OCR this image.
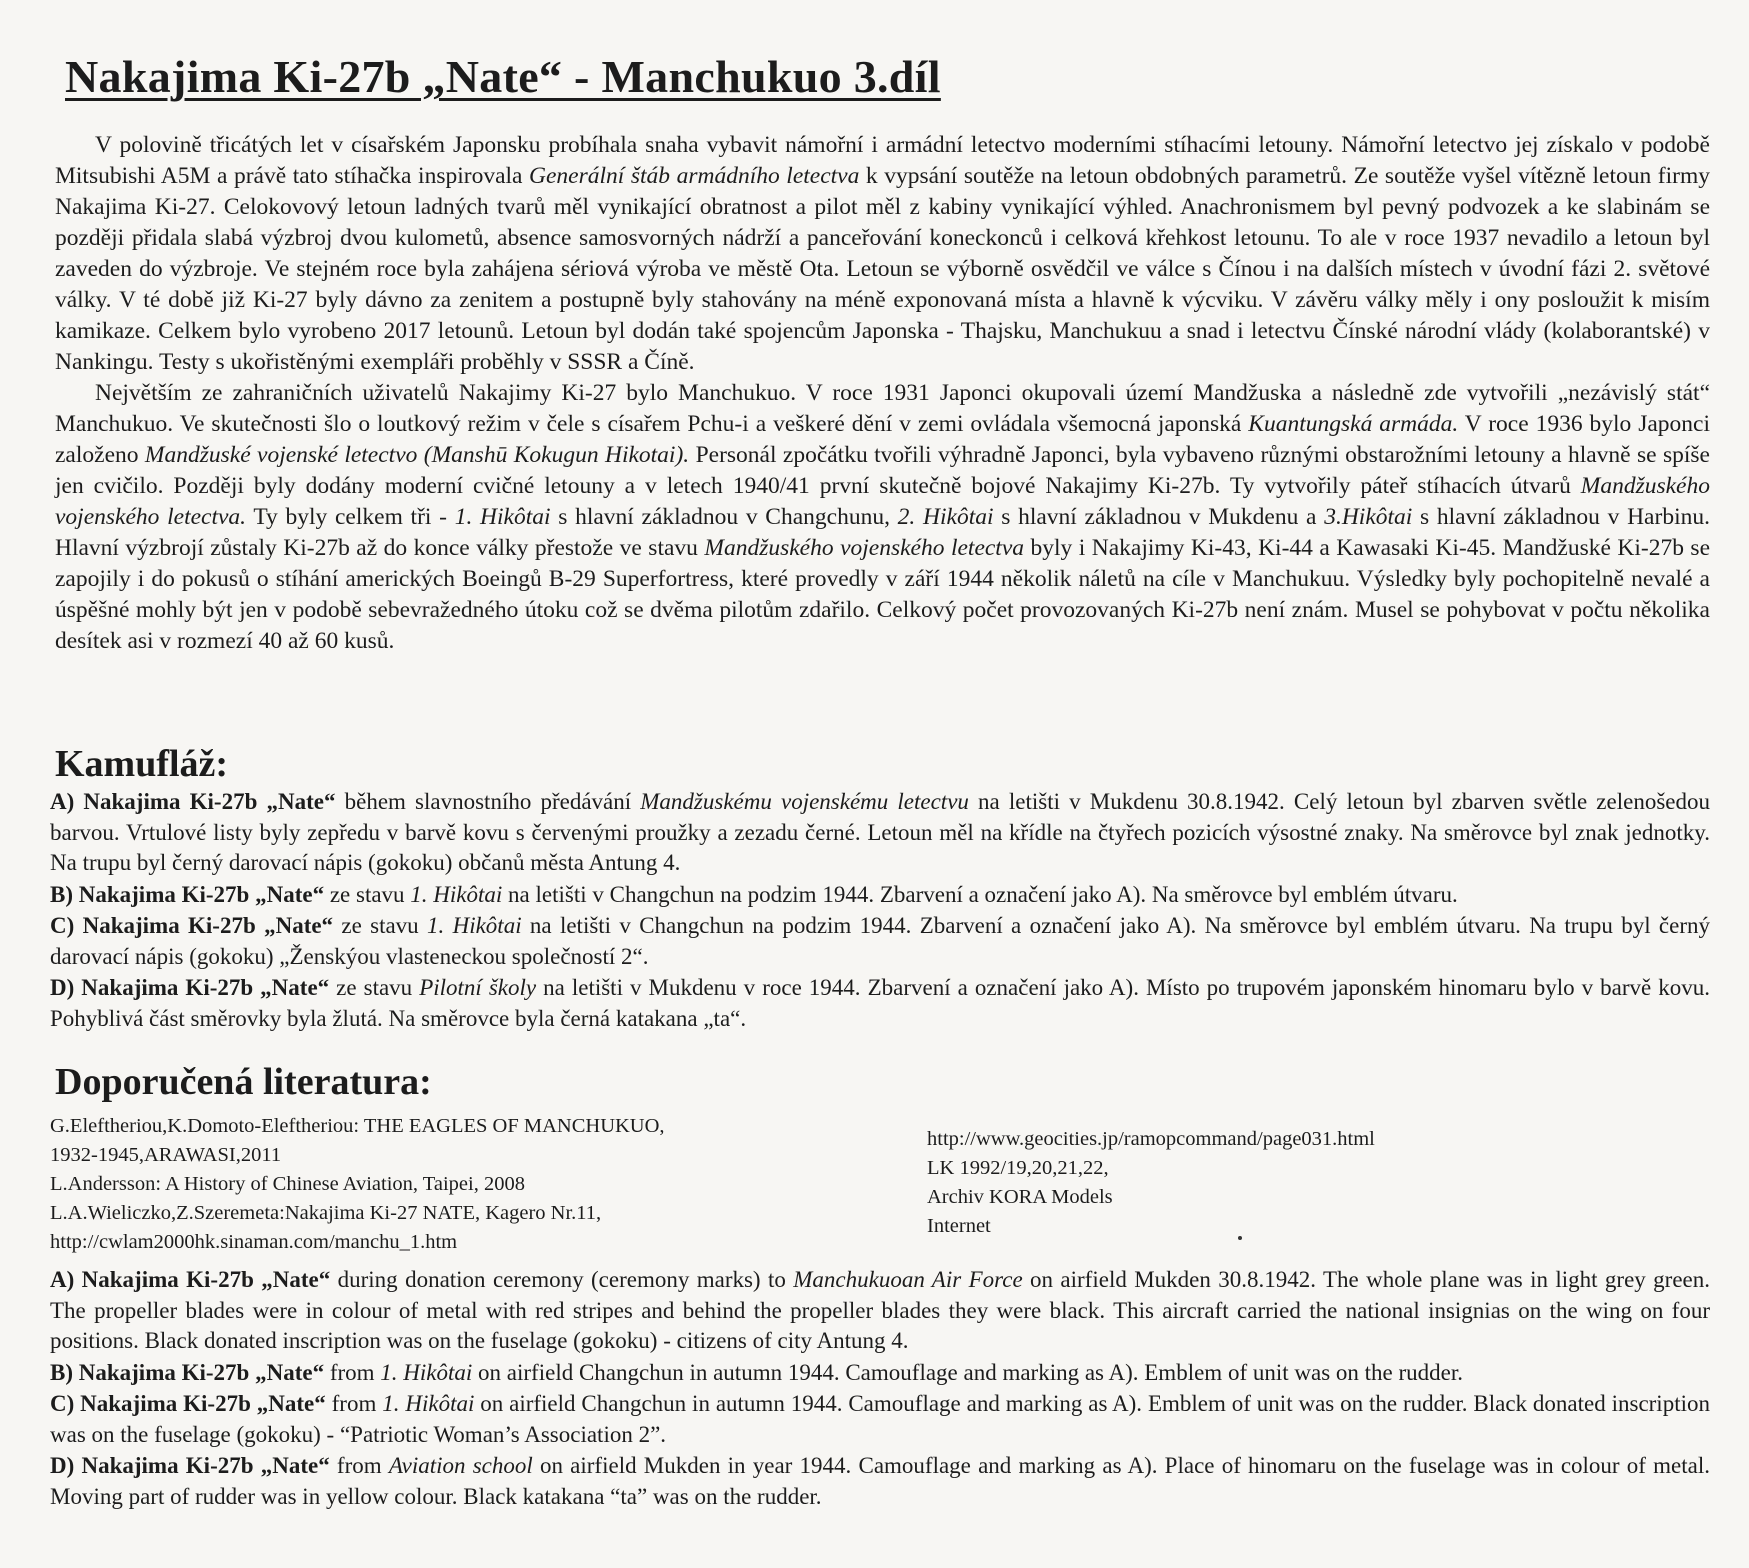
Nakajima Ki-27b „Nate“ - Manchukuo 3.díl

V polovině třicátých let v císařském Japonsku probíhala snaha vybavit námořní i armádní letectvo moderními stíhacími letouny. Námořní letectvo jej získalo v podobě Mitsubishi A5M a právě tato stíhačka inspirovala Generální štáb armádního letectva k vypsání soutěže na letoun obdobných parametrů. Ze soutěže vyšel vítězně letoun firmy Nakajima Ki-27. Celokovový letoun ladných tvarů měl vynikající obratnost a pilot měl z kabiny vynikající výhled. Anachronismem byl pevný podvozek a ke slabinám se později přidala slabá výzbroj dvou kulometů, absence samosvorných nádrží a panceřování koneckonců i celková křehkost letounu. To ale v roce 1937 nevadilo a letoun byl zaveden do výzbroje. Ve stejném roce byla zahájena sériová výroba ve městě Ota. Letoun se výborně osvědčil ve válce s Čínou i na dalších místech v úvodní fázi 2. světové války. V té době již Ki-27 byly dávno za zenitem a postupně byly stahovány na méně exponovaná místa a hlavně k výcviku. V závěru války měly i ony posloužit k misím kamikaze. Celkem bylo vyrobeno 2017 letounů. Letoun byl dodán také spojencům Japonska - Thajsku, Manchukuu a snad i letectvu Čínské národní vlády (kolaborantské) v Nankingu. Testy s ukořistěnými exempláři proběhly v SSSR a Číně.

Největším ze zahraničních uživatelů Nakajimy Ki-27 bylo Manchukuo. V roce 1931 Japonci okupovali území Mandžuska a následně zde vytvořili „nezávislý stát“ Manchukuo. Ve skutečnosti šlo o loutkový režim v čele s císařem Pchu-i a veškeré dění v zemi ovládala všemocná japonská Kuantungská armáda. V roce 1936 bylo Japonci založeno Mandžuské vojenské letectvo (Manshū Kokugun Hikotai). Personál zpočátku tvořili výhradně Japonci, byla vybaveno různými obstarožními letouny a hlavně se spíše jen cvičilo. Později byly dodány moderní cvičné letouny a v letech 1940/41 první skutečně bojové Nakajimy Ki-27b. Ty vytvořily páteř stíhacích útvarů Mandžuského vojenského letectva. Ty byly celkem tři - 1. Hikôtai s hlavní základnou v Changchunu, 2. Hikôtai s hlavní základnou v Mukdenu a 3.Hikôtai s hlavní základnou v Harbinu. Hlavní výzbrojí zůstaly Ki-27b až do konce války přestože ve stavu Mandžuského vojenského letectva byly i Nakajimy Ki-43, Ki-44 a Kawasaki Ki-45. Mandžuské Ki-27b se zapojily i do pokusů o stíhání amerických Boeingů B-29 Superfortress, které provedly v září 1944 několik náletů na cíle v Manchukuu. Výsledky byly pochopitelně nevalé a úspěšné mohly být jen v podobě sebevražedného útoku což se dvěma pilotům zdařilo. Celkový počet provozovaných Ki-27b není znám. Musel se pohybovat v počtu několika desítek asi v rozmezí 40 až 60 kusů.

Kamufláž:

A) Nakajima Ki-27b „Nate“ během slavnostního předávání Mandžuskému vojenskému letectvu na letišti v Mukdenu 30.8.1942. Celý letoun byl zbarven světle zelenošedou barvou. Vrtulové listy byly zepředu v barvě kovu s červenými proužky a zezadu černé. Letoun měl na křídle na čtyřech pozicích výsostné znaky. Na směrovce byl znak jednotky. Na trupu byl černý darovací nápis (gokoku) občanů města Antung 4.

B) Nakajima Ki-27b „Nate“ ze stavu 1. Hikôtai na letišti v Changchun na podzim 1944. Zbarvení a označení jako A). Na směrovce byl emblém útvaru.

C) Nakajima Ki-27b „Nate“ ze stavu 1. Hikôtai na letišti v Changchun na podzim 1944. Zbarvení a označení jako A). Na směrovce byl emblém útvaru. Na trupu byl černý darovací nápis (gokoku) „Ženskýou vlasteneckou společností 2“.

D) Nakajima Ki-27b „Nate“ ze stavu Pilotní školy na letišti v Mukdenu v roce 1944. Zbarvení a označení jako A). Místo po trupovém japonském hinomaru bylo v barvě kovu. Pohyblivá část směrovky byla žlutá. Na směrovce byla černá katakana „ta“.

Doporučená literatura:
G.Eleftheriou,K.Domoto-Eleftheriou: THE EAGLES OF MANCHUKUO,
1932-1945,ARAWASI,2011
L.Andersson: A History of Chinese Aviation, Taipei, 2008
L.A.Wieliczko,Z.Szeremeta:Nakajima Ki-27 NATE, Kagero Nr.11,
http://cwlam2000hk.sinaman.com/manchu_1.htm
http://www.geocities.jp/ramopcommand/page031.html
LK 1992/19,20,21,22,
Archiv KORA Models
Internet

A) Nakajima Ki-27b „Nate“ during donation ceremony (ceremony marks) to Manchukuoan Air Force on airfield Mukden 30.8.1942. The whole plane was in light grey green. The propeller blades were in colour of metal with red stripes and behind the propeller blades they were black. This aircraft carried the national insignias on the wing on four positions. Black donated inscription was on the fuselage (gokoku) - citizens of city Antung 4.

B) Nakajima Ki-27b „Nate“ from 1. Hikôtai on airfield Changchun in autumn 1944. Camouflage and marking as A). Emblem of unit was on the rudder.

C) Nakajima Ki-27b „Nate“ from 1. Hikôtai on airfield Changchun in autumn 1944. Camouflage and marking as A). Emblem of unit was on the rudder. Black donated inscription was on the fuselage (gokoku) - “Patriotic Woman’s Association 2”.

D) Nakajima Ki-27b „Nate“ from Aviation school on airfield Mukden in year 1944. Camouflage and marking as A). Place of hinomaru on the fuselage was in colour of metal. Moving part of rudder was in yellow colour. Black katakana “ta” was on the rudder.
